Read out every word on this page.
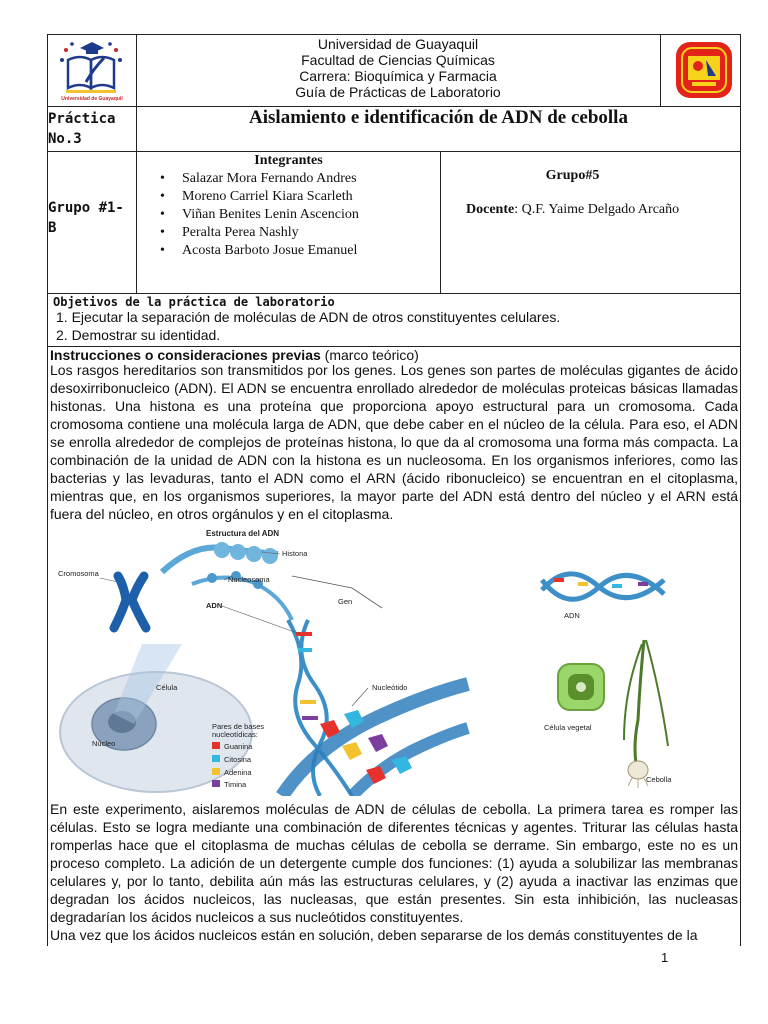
Universidad de Guayaquil
Universidad de Guayaquil
Facultad de Ciencias Químicas
Carrera: Bioquímica y Farmacia
Guía de Prácticas de Laboratorio
Práctica
No.3
Aislamiento e identificación de ADN de cebolla
Grupo #1-
B
Integrantes
• Salazar Mora Fernando Andres
• Moreno Carriel Kiara Scarleth
• Viñan Benites Lenin Ascencion
• Peralta Perea Nashly
• Acosta Barboto Josue Emanuel
Grupo#5
Docente: Q.F. Yaime Delgado Arcaño
Objetivos de la práctica de laboratorio
1. Ejecutar la separación de moléculas de ADN de otros constituyentes celulares.
2. Demostrar su identidad.
Instrucciones o consideraciones previas (marco teórico)
Los rasgos hereditarios son transmitidos por los genes. Los genes son partes de moléculas gigantes de ácido desoxirribonucleico (ADN). El ADN se encuentra enrollado alrededor de moléculas proteicas básicas llamadas histonas. Una histona es una proteína que proporciona apoyo estructural para un cromosoma. Cada cromosoma contiene una molécula larga de ADN, que debe caber en el núcleo de la célula. Para eso, el ADN se enrolla alrededor de complejos de proteínas histona, lo que da al cromosoma una forma más compacta. La combinación de la unidad de ADN con la histona es un nucleosoma. En los organismos inferiores, como las bacterias y las levaduras, tanto el ADN como el ARN (ácido ribonucleico) se encuentran en el citoplasma, mientras que, en los organismos superiores, la mayor parte del ADN está dentro del núcleo y el ARN está fuera del núcleo, en otros orgánulos y en el citoplasma.
Estructura del ADN
Histona
Cromosoma
Nucleosoma
ADN	Gen
Célula	Nucleótido
Núcleo
Pares de bases
nucleotídicas:
Guanina
Citosina
Adenina
Timina
ADN
Célula vegetal
Cebolla
En este experimento, aislaremos moléculas de ADN de células de cebolla. La primera tarea es romper las células. Esto se logra mediante una combinación de diferentes técnicas y agentes. Triturar las células hasta romperlas hace que el citoplasma de muchas células de cebolla se derrame. Sin embargo, este no es un proceso completo. La adición de un detergente cumple dos funciones: (1) ayuda a solubilizar las membranas celulares y, por lo tanto, debilita aún más las estructuras celulares, y (2) ayuda a inactivar las enzimas que degradan los ácidos nucleicos, las nucleasas, que están presentes. Sin esta inhibición, las nucleasas degradarían los ácidos nucleicos a sus nucleótidos constituyentes.
Una vez que los ácidos nucleicos están en solución, deben separarse de los demás constituyentes de la
1
